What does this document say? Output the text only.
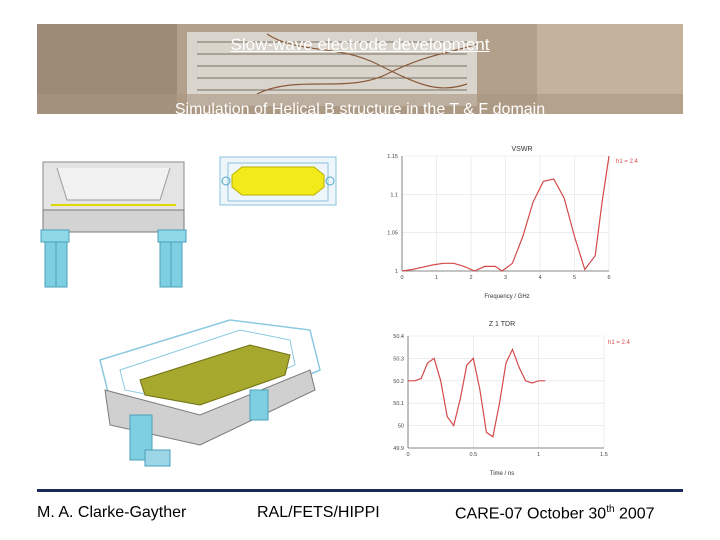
Slow-wave electrode development
Simulation of Helical B structure in the T & F domain
VSWR
1
1.05
1.1
1.15
0	1	2	3	4	5	6
h1 = 2.4
Frequency / GHz
Z 1 TDR
49.9
50
50.1
50.2
50.3
50.4
0	0.5	1	1.5
h1 = 2.4
Time / ns
M. A. Clarke-Gayther	RAL/FETS/HIPPI	CARE-07 October 30th 2007
